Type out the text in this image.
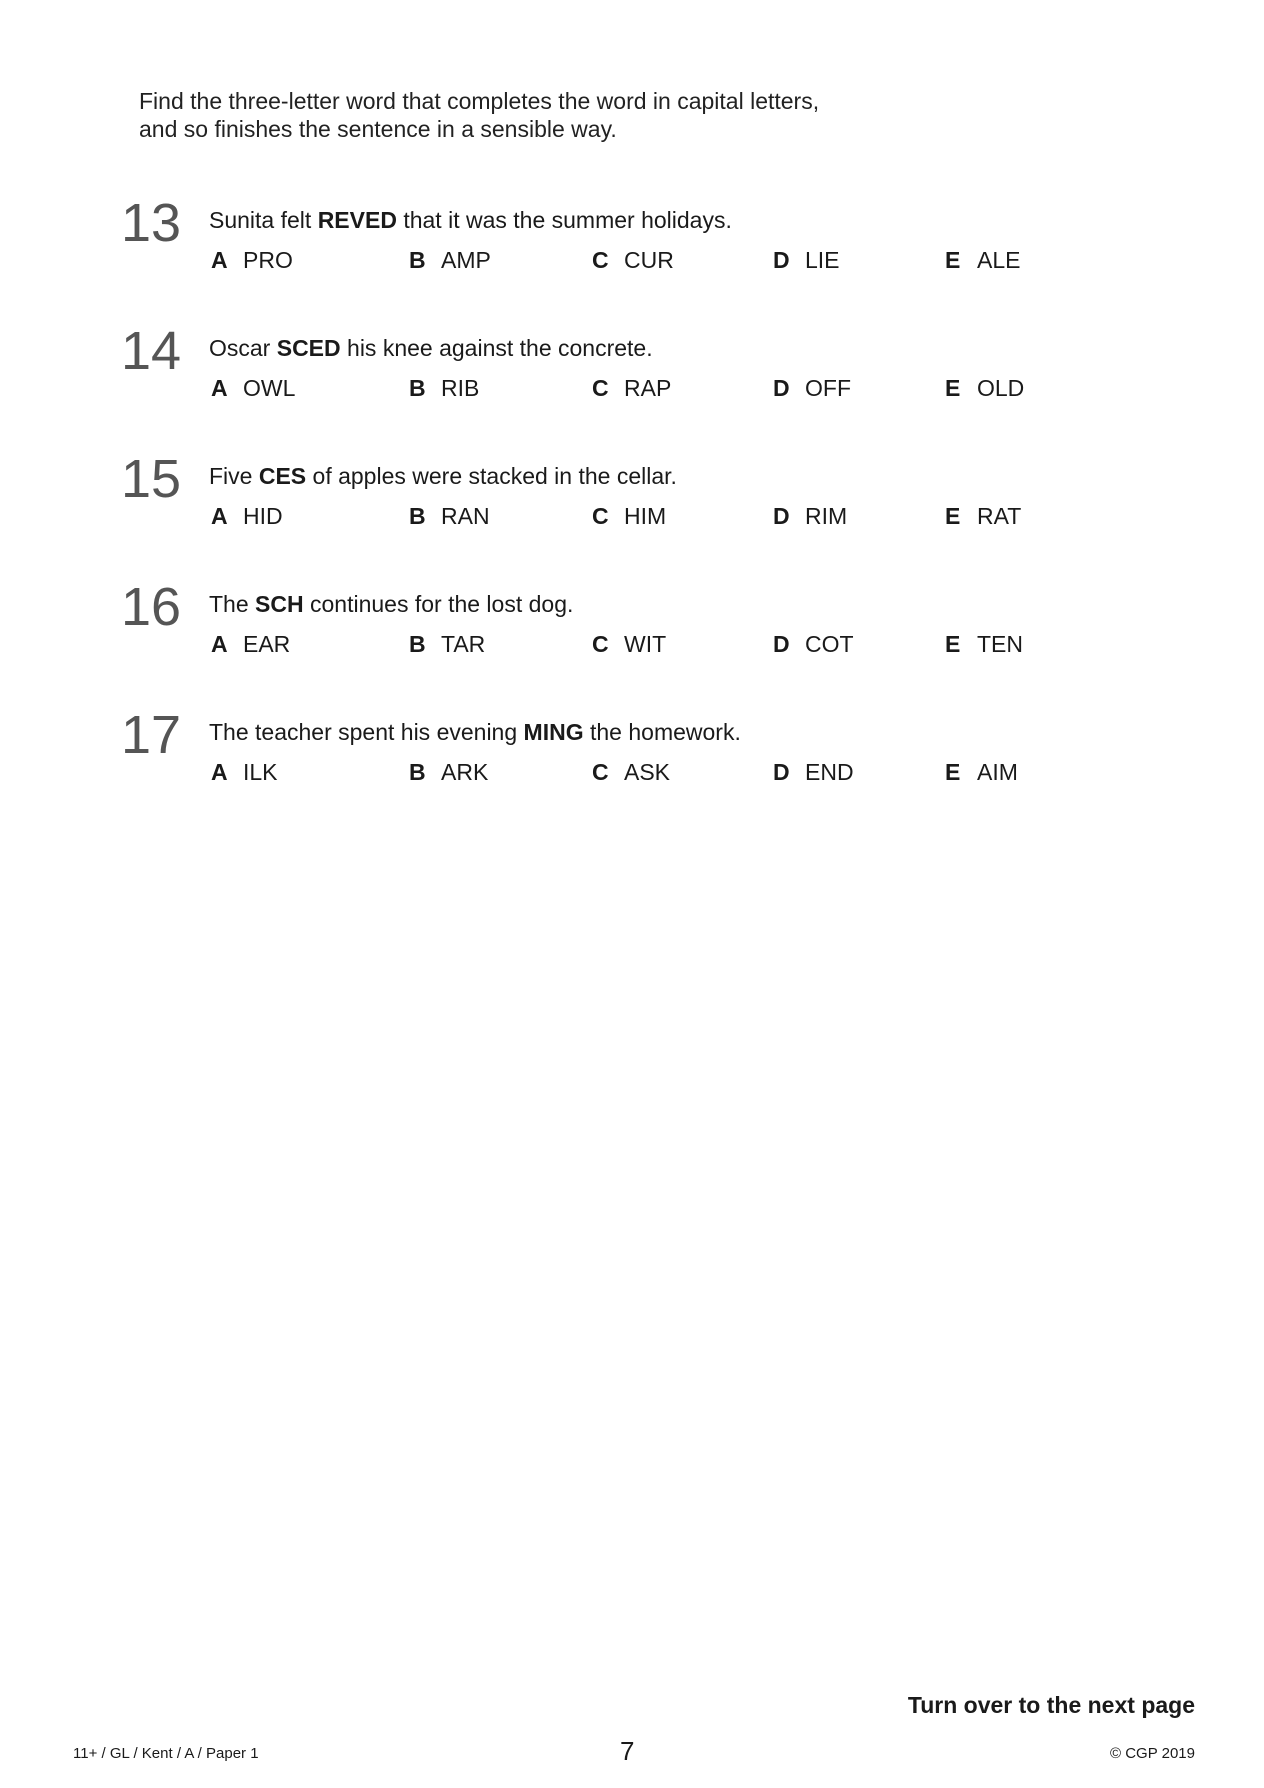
Find the three-letter word that completes the word in capital letters,
and so finishes the sentence in a sensible way.
13 Sunita felt REVED that it was the summer holidays.
A PRO	B AMP	C CUR	D LIE	E ALE
14 Oscar SCED his knee against the concrete.
A OWL	B RIB	C RAP	D OFF	E OLD
15 Five CES of apples were stacked in the cellar.
A HID	B RAN	C HIM	D RIM	E RAT
16 The SCH continues for the lost dog.
A EAR	B TAR	C WIT	D COT	E TEN
17 The teacher spent his evening MING the homework.
A ILK	B ARK	C ASK	D END	E AIM
Turn over to the next page
11+ / GL / Kent / A / Paper 1	7	© CGP 2019
